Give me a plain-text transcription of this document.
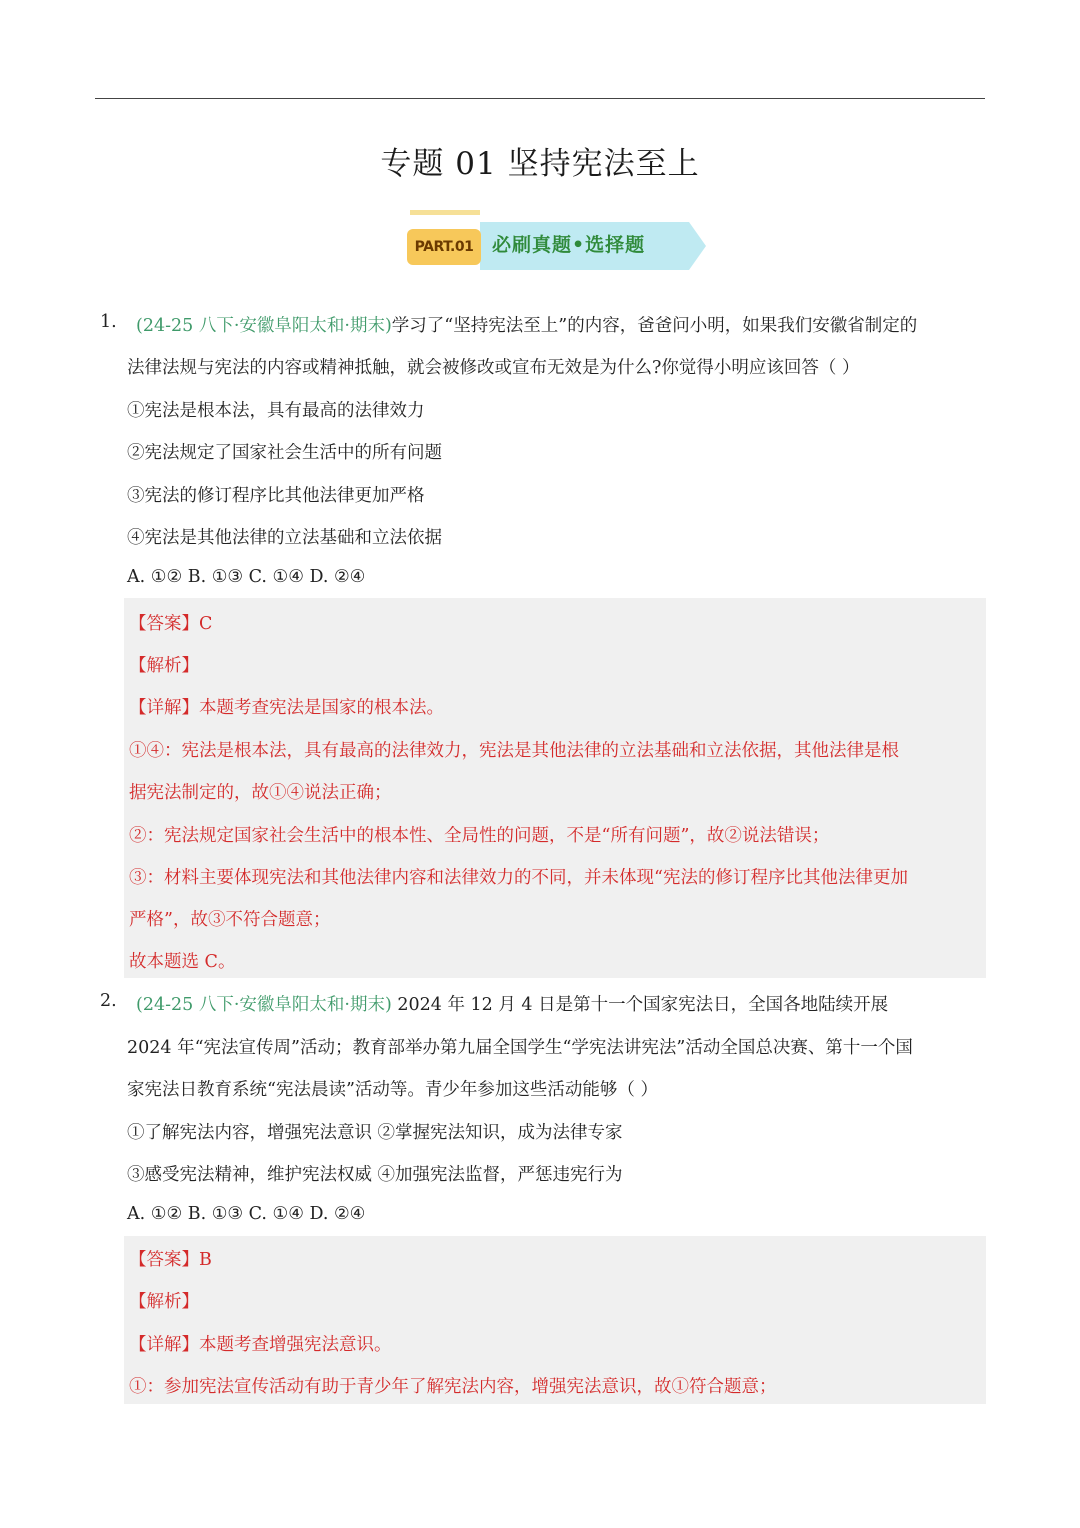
专题 01 坚持宪法至上
PART.01 必刷真题•选择题
1. (24-25 八下·安徽阜阳太和·期末)学习了“坚持宪法至上”的内容，爸爸问小明，如果我们安徽省制定的
法律法规与宪法的内容或精神抵触，就会被修改或宣布无效是为什么?你觉得小明应该回答（ ）
①宪法是根本法，具有最高的法律效力
②宪法规定了国家社会生活中的所有问题
③宪法的修订程序比其他法律更加严格
④宪法是其他法律的立法基础和立法依据
A. ①② B. ①③ C. ①④ D. ②④
【答案】C
【解析】
【详解】本题考查宪法是国家的根本法。
①④：宪法是根本法，具有最高的法律效力，宪法是其他法律的立法基础和立法依据，其他法律是根
据宪法制定的，故①④说法正确；
②：宪法规定国家社会生活中的根本性、全局性的问题，不是“所有问题”，故②说法错误；
③：材料主要体现宪法和其他法律内容和法律效力的不同，并未体现“宪法的修订程序比其他法律更加
严格”，故③不符合题意；
故本题选 C。
2. (24-25 八下·安徽阜阳太和·期末) 2024 年 12 月 4 日是第十一个国家宪法日，全国各地陆续开展
2024 年“宪法宣传周”活动；教育部举办第九届全国学生“学宪法讲宪法”活动全国总决赛、第十一个国
家宪法日教育系统“宪法晨读”活动等。青少年参加这些活动能够（ ）
①了解宪法内容，增强宪法意识 ②掌握宪法知识，成为法律专家
③感受宪法精神，维护宪法权威 ④加强宪法监督，严惩违宪行为
A. ①② B. ①③ C. ①④ D. ②④
【答案】B
【解析】
【详解】本题考查增强宪法意识。
①：参加宪法宣传活动有助于青少年了解宪法内容，增强宪法意识，故①符合题意；
